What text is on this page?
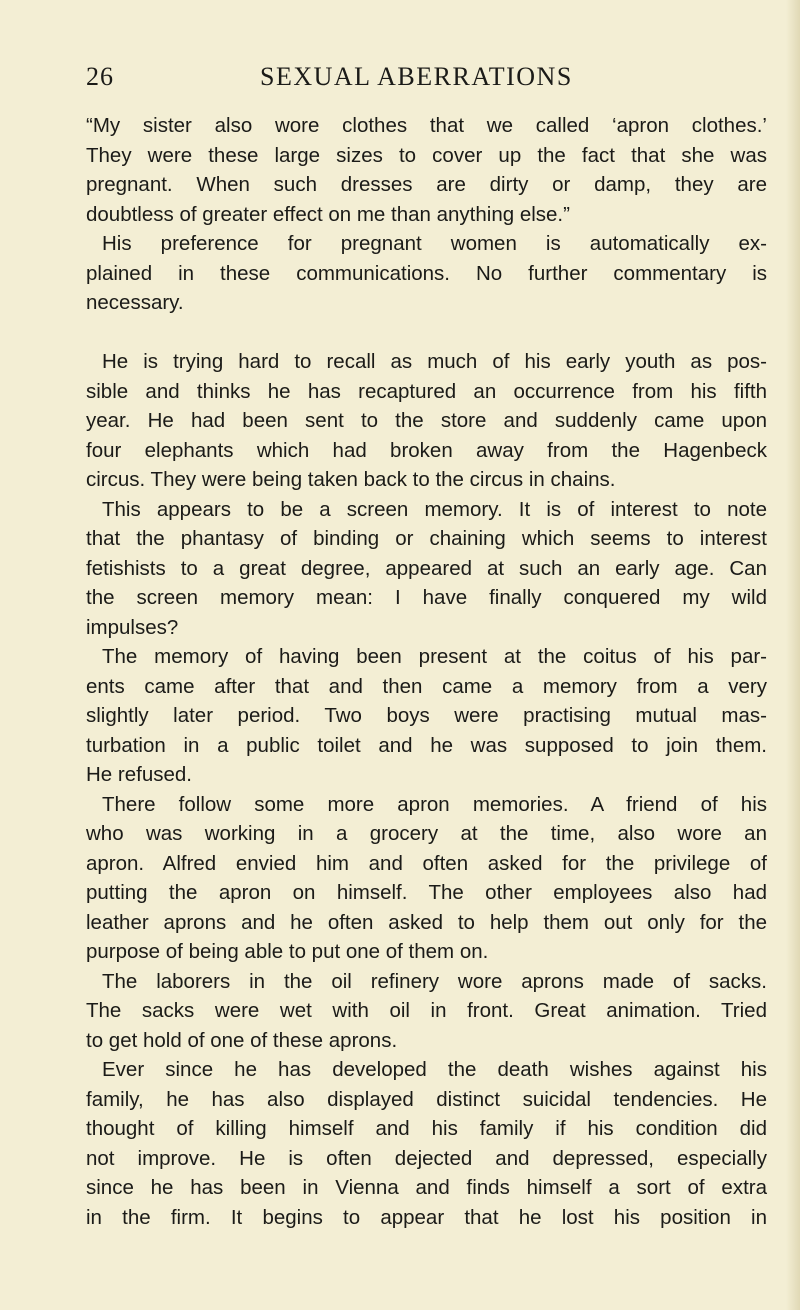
26	SEXUAL ABERRATIONS
“My sister also wore clothes that we called ‘apron clothes.’
They were these large sizes to cover up the fact that she was
pregnant. When such dresses are dirty or damp, they are
doubtless of greater effect on me than anything else.”
His preference for pregnant women is automatically ex-
plained in these communications. No further commentary is
necessary.
He is trying hard to recall as much of his early youth as pos-
sible and thinks he has recaptured an occurrence from his fifth
year. He had been sent to the store and suddenly came upon
four elephants which had broken away from the Hagenbeck
circus. They were being taken back to the circus in chains.
This appears to be a screen memory. It is of interest to note
that the phantasy of binding or chaining which seems to interest
fetishists to a great degree, appeared at such an early age. Can
the screen memory mean: I have finally conquered my wild
impulses?
The memory of having been present at the coitus of his par-
ents came after that and then came a memory from a very
slightly later period. Two boys were practising mutual mas-
turbation in a public toilet and he was supposed to join them.
He refused.
There follow some more apron memories. A friend of his
who was working in a grocery at the time, also wore an
apron. Alfred envied him and often asked for the privilege of
putting the apron on himself. The other employees also had
leather aprons and he often asked to help them out only for the
purpose of being able to put one of them on.
The laborers in the oil refinery wore aprons made of sacks.
The sacks were wet with oil in front. Great animation. Tried
to get hold of one of these aprons.
Ever since he has developed the death wishes against his
family, he has also displayed distinct suicidal tendencies. He
thought of killing himself and his family if his condition did
not improve. He is often dejected and depressed, especially
since he has been in Vienna and finds himself a sort of extra
in the firm. It begins to appear that he lost his position in
